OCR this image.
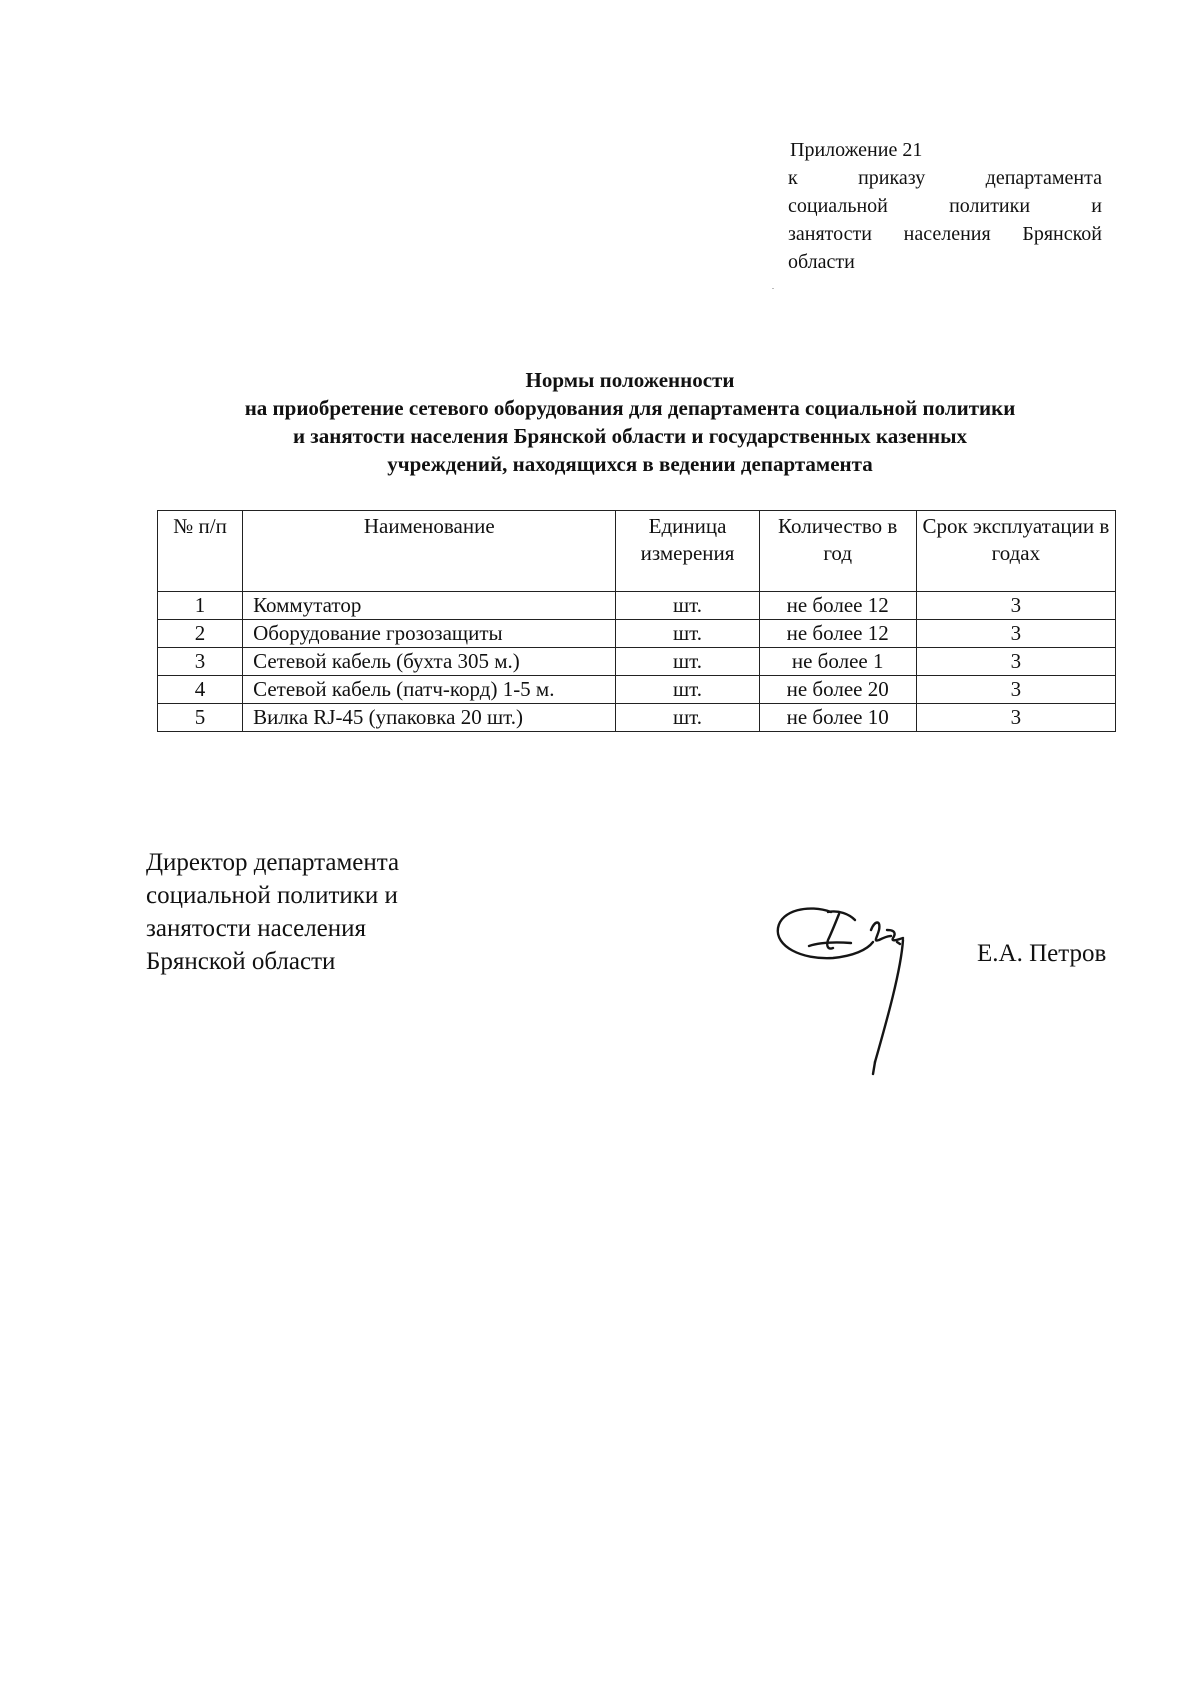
Приложение 21
к приказу департамента
социальной политики и
занятости населения Брянской
области
Нормы положенности
на приобретение сетевого оборудования для департамента социальной политики
и занятости населения Брянской области и государственных казенных
учреждений, находящихся в ведении департамента
№ п/п	Наименование	Единица измерения	Количество в год	Срок эксплуатации в годах
1	Коммутатор	шт.	не более 12	3
2	Оборудование грозозащиты	шт.	не более 12	3
3	Сетевой кабель (бухта 305 м.)	шт.	не более 1	3
4	Сетевой кабель (патч-корд) 1-5 м.	шт.	не более 20	3
5	Вилка RJ-45 (упаковка 20 шт.)	шт.	не более 10	3
Директор департамента
социальной политики и
занятости населения
Брянской области	Е.А. Петров
